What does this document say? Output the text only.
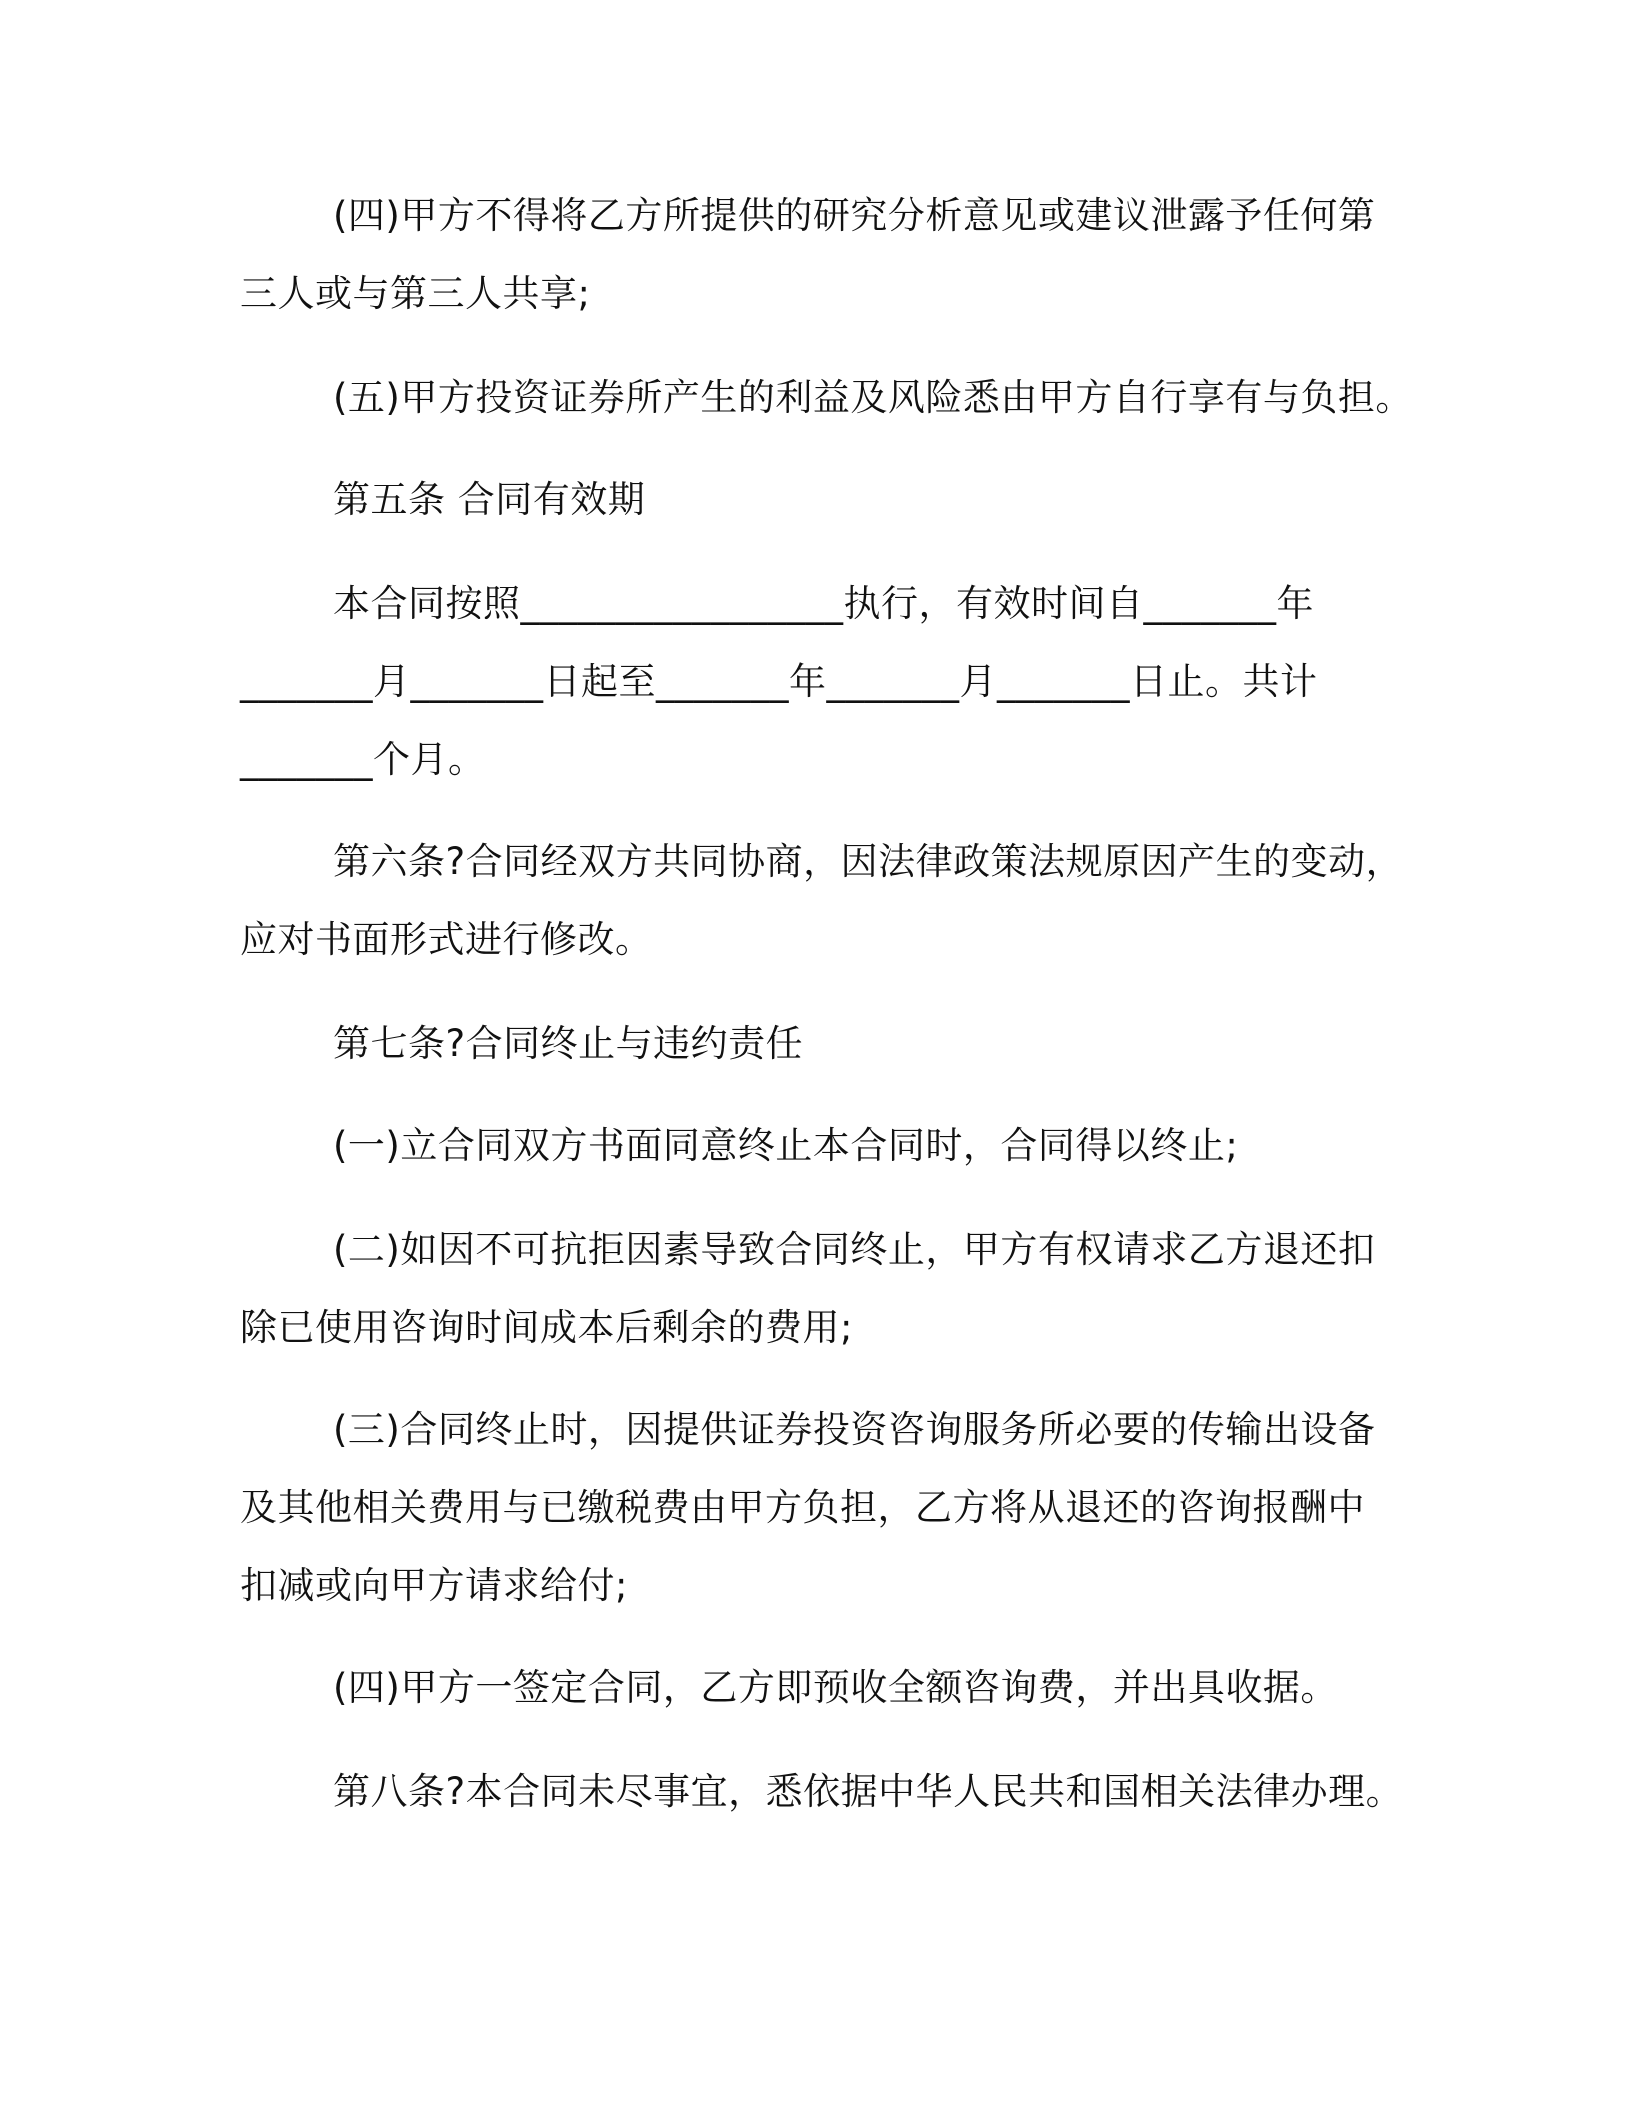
(四)甲方不得将乙方所提供的研究分析意见或建议泄露予任何第
三人或与第三人共享;
(五)甲方投资证券所产生的利益及风险悉由甲方自行享有与负担。
第五条 合同有效期
本合同按照_________________执行，有效时间自_______年
_______月_______日起至_______年_______月_______日止。共计
_______个月。
第六条?合同经双方共同协商，因法律政策法规原因产生的变动，
应对书面形式进行修改。
第七条?合同终止与违约责任
(一)立合同双方书面同意终止本合同时，合同得以终止;
(二)如因不可抗拒因素导致合同终止，甲方有权请求乙方退还扣
除已使用咨询时间成本后剩余的费用;
(三)合同终止时，因提供证券投资咨询服务所必要的传输出设备
及其他相关费用与已缴税费由甲方负担，乙方将从退还的咨询报酬中
扣减或向甲方请求给付;
(四)甲方一签定合同，乙方即预收全额咨询费，并出具收据。
第八条?本合同未尽事宜，悉依据中华人民共和国相关法律办理。
